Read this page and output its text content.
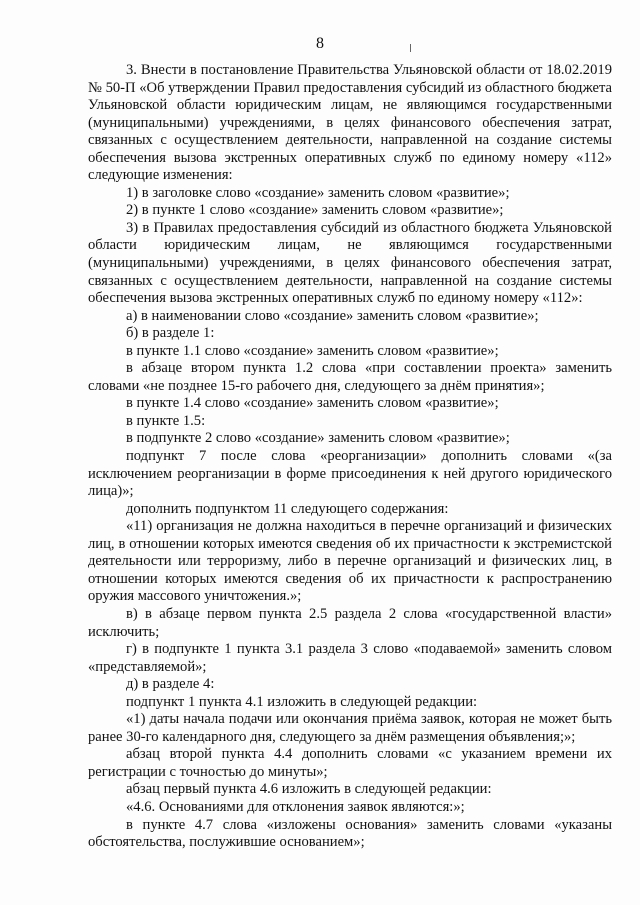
8

3. Внести в постановление Правительства Ульяновской области от 18.02.2019 № 50-П «Об утверждении Правил предоставления субсидий из областного бюджета Ульяновской области юридическим лицам, не являющимся государственными (муниципальными) учреждениями, в целях финансового обеспечения затрат, связанных с осуществлением деятельности, направленной на создание системы обеспечения вызова экстренных оперативных служб по единому номеру «112» следующие изменения:

1) в заголовке слово «создание» заменить словом «развитие»;

2) в пункте 1 слово «создание» заменить словом «развитие»;

3) в Правилах предоставления субсидий из областного бюджета Ульяновской области юридическим лицам, не являющимся государственными (муниципальными) учреждениями, в целях финансового обеспечения затрат, связанных с осуществлением деятельности, направленной на создание системы обеспечения вызова экстренных оперативных служб по единому номеру «112»:

а) в наименовании слово «создание» заменить словом «развитие»;

б) в разделе 1:

в пункте 1.1 слово «создание» заменить словом «развитие»;

в абзаце втором пункта 1.2 слова «при составлении проекта» заменить словами «не позднее 15-го рабочего дня, следующего за днём принятия»;

в пункте 1.4 слово «создание» заменить словом «развитие»;

в пункте 1.5:

в подпункте 2 слово «создание» заменить словом «развитие»;

подпункт 7 после слова «реорганизации» дополнить словами «(за исключением реорганизации в форме присоединения к ней другого юридического лица)»;

дополнить подпунктом 11 следующего содержания:

«11) организация не должна находиться в перечне организаций и физических лиц, в отношении которых имеются сведения об их причастности к экстремистской деятельности или терроризму, либо в перечне организаций и физических лиц, в отношении которых имеются сведения об их причастности к распространению оружия массового уничтожения.»;

в) в абзаце первом пункта 2.5 раздела 2 слова «государственной власти» исключить;

г) в подпункте 1 пункта 3.1 раздела 3 слово «подаваемой» заменить словом «представляемой»;

д) в разделе 4:

подпункт 1 пункта 4.1 изложить в следующей редакции:

«1) даты начала подачи или окончания приёма заявок, которая не может быть ранее 30-го календарного дня, следующего за днём размещения объявления;»;

абзац второй пункта 4.4 дополнить словами «с указанием времени их регистрации с точностью до минуты»;

абзац первый пункта 4.6 изложить в следующей редакции:

«4.6. Основаниями для отклонения заявок являются:»;

в пункте 4.7 слова «изложены основания» заменить словами «указаны обстоятельства, послужившие основанием»;
